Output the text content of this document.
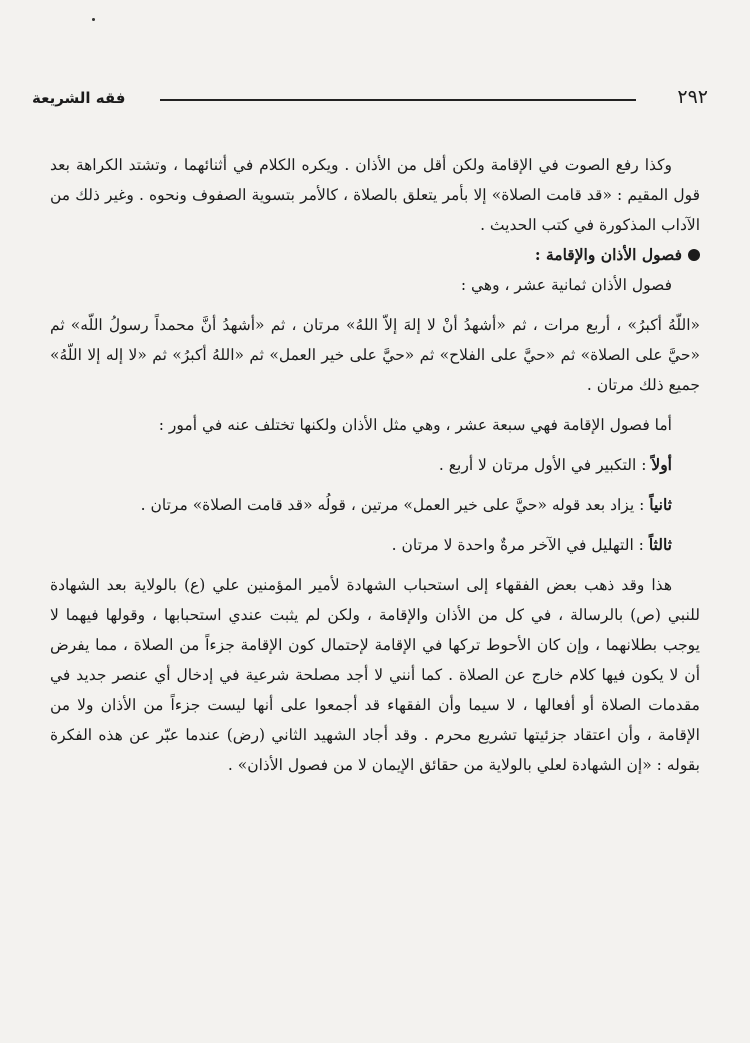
٢٩٢
فقه الشريعة

وكذا رفع الصوت في الإقامة ولكن أقل من الأذان . ويكره الكلام في أثنائهما ، وتشتد الكراهة بعد قول المقيم : «قد قامت الصلاة» إلا بأمر يتعلق بالصلاة ، كالأمر بتسوية الصفوف ونحوه . وغير ذلك من الآداب المذكورة في كتب الحديث .

فصول الأذان والإقامة :

فصول الأذان ثمانية عشر ، وهي :

«اللّهُ أكبرُ» ، أربع مرات ، ثم «أشهدُ أنْ لا إلهَ إلاّ اللهُ» مرتان ، ثم «أشهدُ أنَّ محمداً رسولُ اللّه» ثم «حيَّ على الصلاة» ثم «حيَّ على الفلاح» ثم «حيَّ على خير العمل» ثم «اللهُ أكبرُ» ثم «لا إله إلا اللّهُ» جميع ذلك مرتان .

أما فصول الإقامة فهي سبعة عشر ، وهي مثل الأذان ولكنها تختلف عنه في أمور :

أولاً : التكبير في الأول مرتان لا أربع .

ثانياً : يزاد بعد قوله «حيَّ على خير العمل» مرتين ، قولُه «قد قامت الصلاة» مرتان .

ثالثاً : التهليل في الآخر مرةٌ واحدة لا مرتان .

هذا وقد ذهب بعض الفقهاء إلى استحباب الشهادة لأمير المؤمنين علي (ع) بالولاية بعد الشهادة للنبي (ص) بالرسالة ، في كل من الأذان والإقامة ، ولكن لم يثبت عندي استحبابها ، وقولها فيهما لا يوجب بطلانهما ، وإن كان الأحوط تركها في الإقامة لإحتمال كون الإقامة جزءاً من الصلاة ، مما يفرض أن لا يكون فيها كلام خارج عن الصلاة . كما أنني لا أجد مصلحة شرعية في إدخال أي عنصر جديد في مقدمات الصلاة أو أفعالها ، لا سيما وأن الفقهاء قد أجمعوا على أنها ليست جزءاً من الأذان ولا من الإقامة ، وأن اعتقاد جزئيتها تشريع محرم . وقد أجاد الشهيد الثاني (رض) عندما عبّر عن هذه الفكرة بقوله : «إن الشهادة لعلي بالولاية من حقائق الإيمان لا من فصول الأذان» .
